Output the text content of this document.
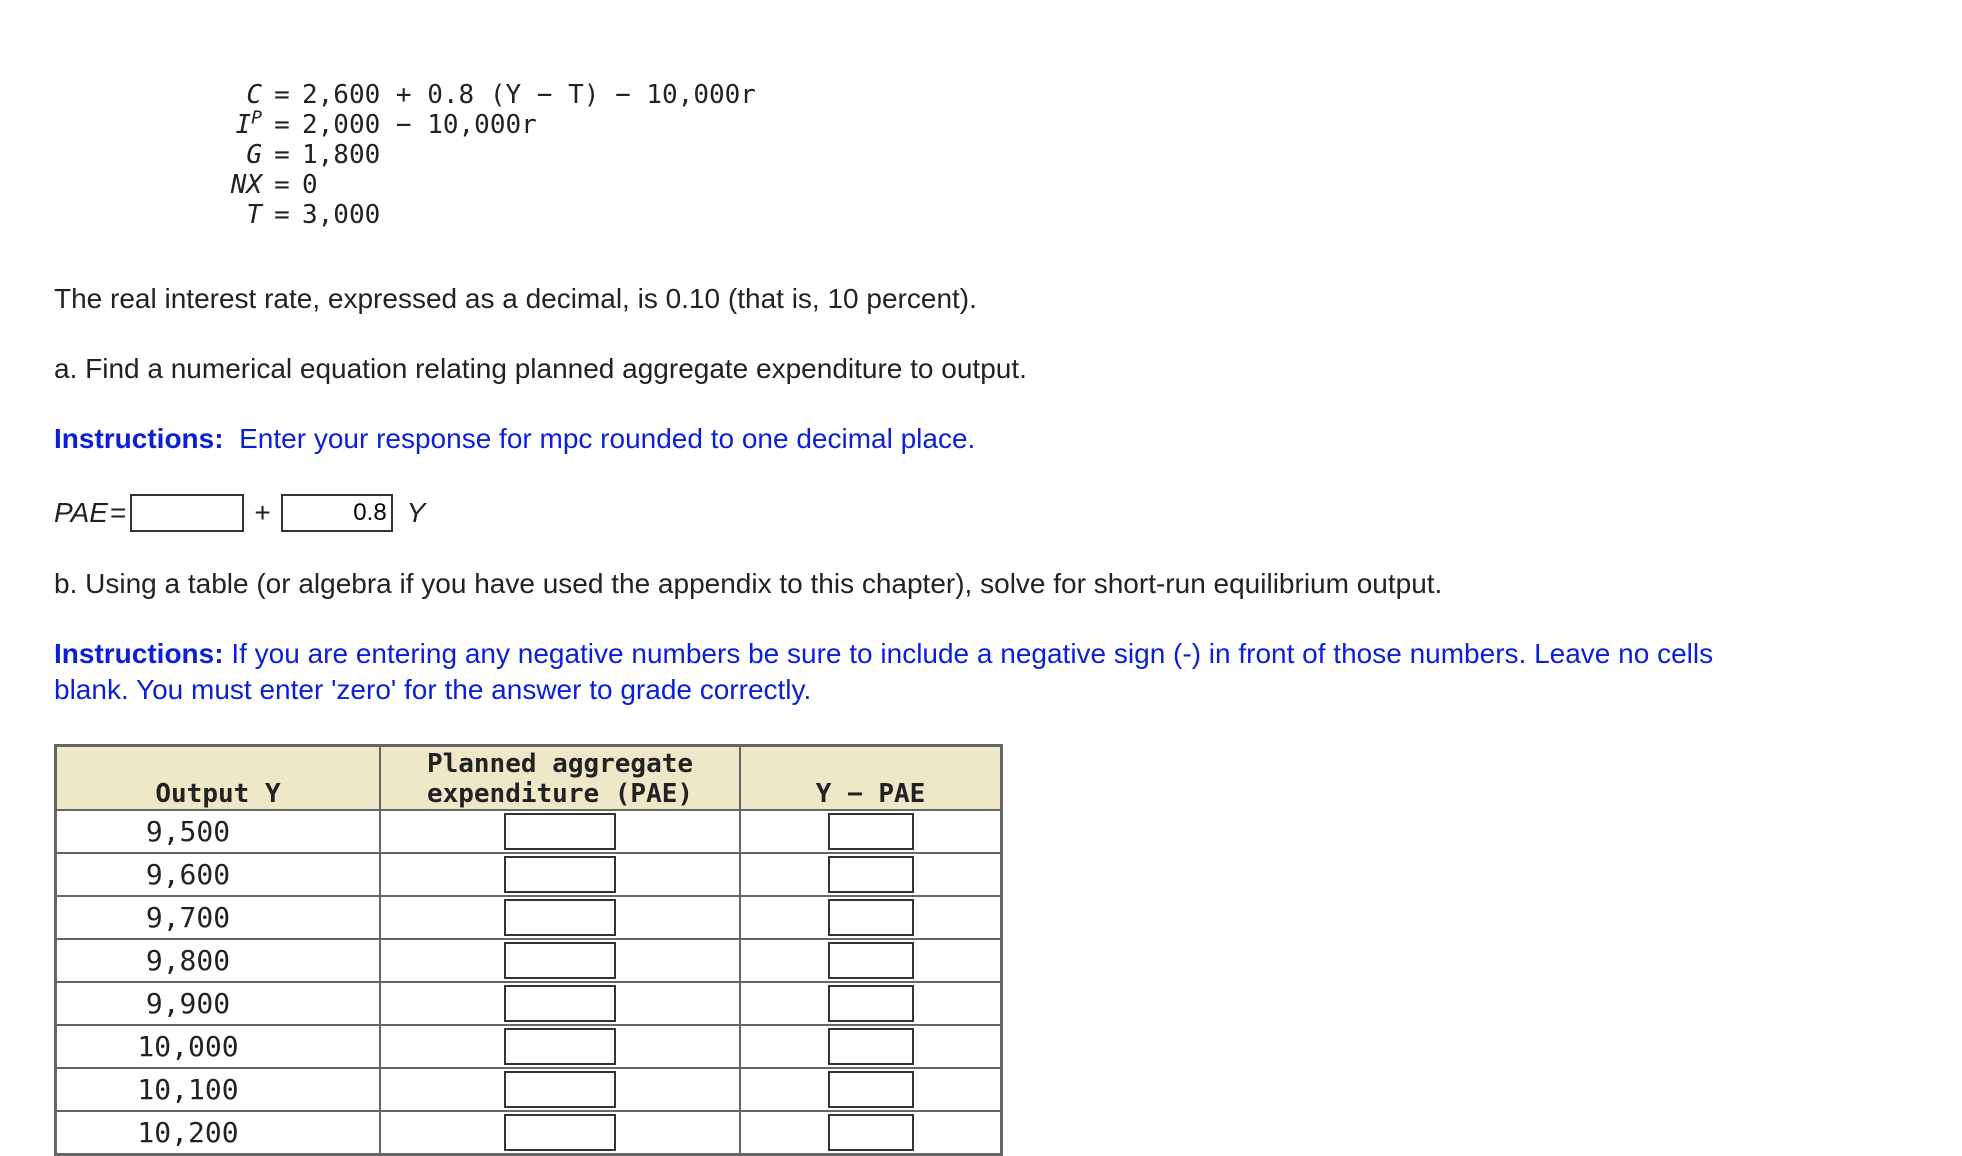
C = 2,600 + 0.8 (Y − T) − 10,000r
$I^P = 2,000 - 10,000r$
G = 1,800
NX = 0
T = 3,000
The real interest rate, expressed as a decimal, is 0.10 (that is, 10 percent).
a. Find a numerical equation relating planned aggregate expenditure to output.
Instructions: Enter your response for mpc rounded to one decimal place.
PAE =	+
0.8	Y
b. Using a table (or algebra if you have used the appendix to this chapter), solve for short-run equilibrium output.
Instructions: If you are entering any negative numbers be sure to include a negative sign (-) in front of those numbers. Leave no cells
blank. You must enter 'zero' for the answer to grade correctly.
Output Y	Planned aggregate
expenditure (PAE)	Y − PAE
9,500		
9,600		
9,700		
9,800		
9,900		
10,000		
10,100		
10,200		
